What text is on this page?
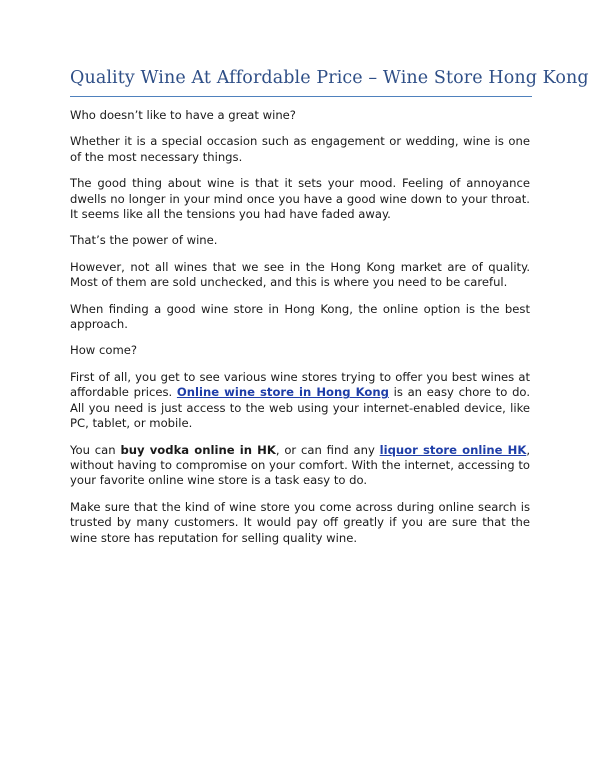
Quality Wine At Affordable Price – Wine Store Hong Kong

Who doesn’t like to have a great wine?

Whether it is a special occasion such as engagement or wedding, wine is one of the most necessary things.

The good thing about wine is that it sets your mood. Feeling of annoyance dwells no longer in your mind once you have a good wine down to your throat. It seems like all the tensions you had have faded away.

That’s the power of wine.

However, not all wines that we see in the Hong Kong market are of quality. Most of them are sold unchecked, and this is where you need to be careful.

When finding a good wine store in Hong Kong, the online option is the best approach.

How come?

First of all, you get to see various wine stores trying to offer you best wines at affordable prices. Online wine store in Hong Kong is an easy chore to do. All you need is just access to the web using your internet-enabled device, like PC, tablet, or mobile.

You can buy vodka online in HK, or can find any liquor store online HK, without having to compromise on your comfort. With the internet, accessing to your favorite online wine store is a task easy to do.

Make sure that the kind of wine store you come across during online search is trusted by many customers. It would pay off greatly if you are sure that the wine store has reputation for selling quality wine.
